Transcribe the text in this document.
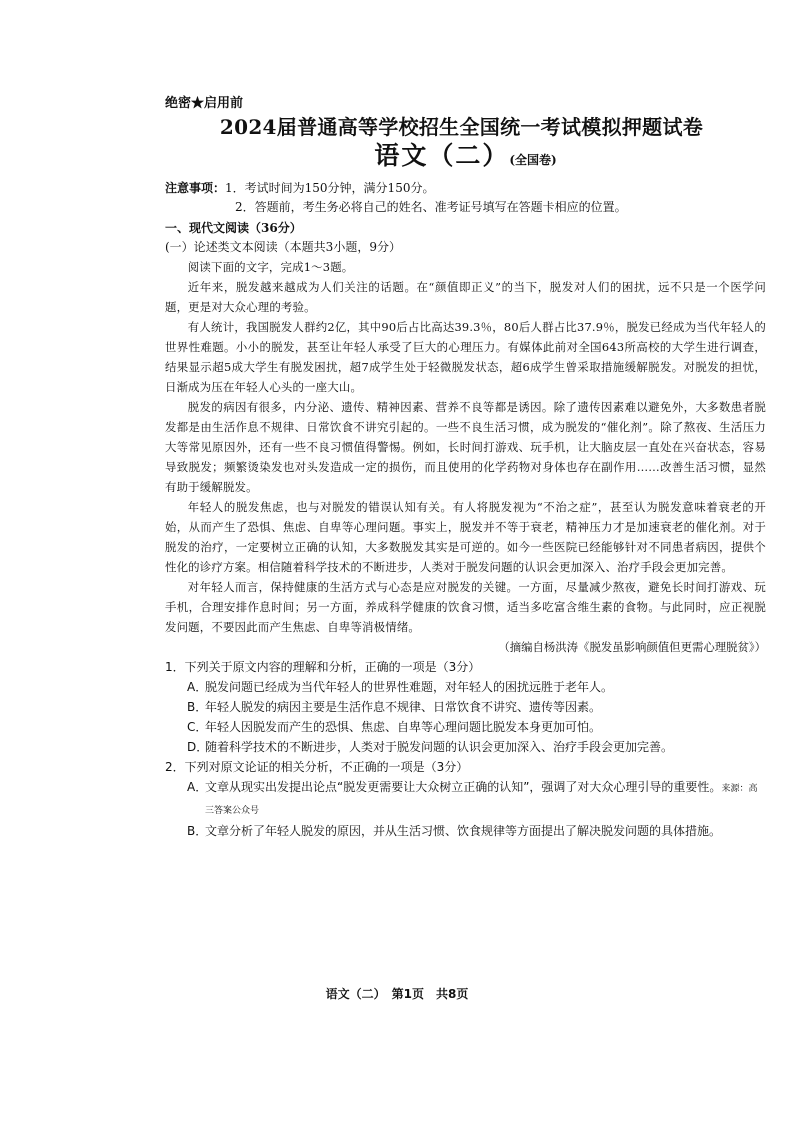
绝密★启用前

2024届普通高等学校招生全国统一考试模拟押题试卷
语文（二）(全国卷)

注意事项：1．考试时间为150分钟，满分150分。

2．答题前，考生务必将自己的姓名、准考证号填写在答题卡相应的位置。

一、现代文阅读（36分）

(一）论述类文本阅读（本题共3小题，9分）

阅读下面的文字，完成1～3题。

近年来，脱发越来越成为人们关注的话题。在“颜值即正义”的当下，脱发对人们的困扰，远不只是一个医学问题，更是对大众心理的考验。

有人统计，我国脱发人群约2亿，其中90后占比高达39.3％，80后人群占比37.9％，脱发已经成为当代年轻人的世界性难题。小小的脱发，甚至让年轻人承受了巨大的心理压力。有媒体此前对全国643所高校的大学生进行调查，结果显示超5成大学生有脱发困扰，超7成学生处于轻微脱发状态，超6成学生曾采取措施缓解脱发。对脱发的担忧，日渐成为压在年轻人心头的一座大山。

脱发的病因有很多，内分泌、遗传、精神因素、营养不良等都是诱因。除了遗传因素难以避免外，大多数患者脱发都是由生活作息不规律、日常饮食不讲究引起的。一些不良生活习惯，成为脱发的“催化剂”。除了熬夜、生活压力大等常见原因外，还有一些不良习惯值得警惕。例如，长时间打游戏、玩手机，让大脑皮层一直处在兴奋状态，容易导致脱发；频繁烫染发也对头发造成一定的损伤，而且使用的化学药物对身体也存在副作用……改善生活习惯，显然有助于缓解脱发。

年轻人的脱发焦虑，也与对脱发的错误认知有关。有人将脱发视为“不治之症”，甚至认为脱发意味着衰老的开始，从而产生了恐惧、焦虑、自卑等心理问题。事实上，脱发并不等于衰老，精神压力才是加速衰老的催化剂。对于脱发的治疗，一定要树立正确的认知，大多数脱发其实是可逆的。如今一些医院已经能够针对不同患者病因，提供个性化的诊疗方案。相信随着科学技术的不断进步，人类对于脱发问题的认识会更加深入、治疗手段会更加完善。

对年轻人而言，保持健康的生活方式与心态是应对脱发的关键。一方面，尽量减少熬夜，避免长时间打游戏、玩手机，合理安排作息时间；另一方面，养成科学健康的饮食习惯，适当多吃富含维生素的食物。与此同时，应正视脱发问题，不要因此而产生焦虑、自卑等消极情绪。

（摘编自杨洪涛《脱发虽影响颜值但更需心理脱贫》）

1．下列关于原文内容的理解和分析，正确的一项是（3分）

A．脱发问题已经成为当代年轻人的世界性难题，对年轻人的困扰远胜于老年人。

B．年轻人脱发的病因主要是生活作息不规律、日常饮食不讲究、遗传等因素。

C．年轻人因脱发而产生的恐惧、焦虑、自卑等心理问题比脱发本身更加可怕。

D．随着科学技术的不断进步，人类对于脱发问题的认识会更加深入、治疗手段会更加完善。

2．下列对原文论证的相关分析，不正确的一项是（3分）

A．文章从现实出发提出论点“脱发更需要让大众树立正确的认知”，强调了对大众心理引导的重要性。来源：高三答案公众号

B．文章分析了年轻人脱发的原因，并从生活习惯、饮食规律等方面提出了解决脱发问题的具体措施。

语文（二）　第1页　共8页
